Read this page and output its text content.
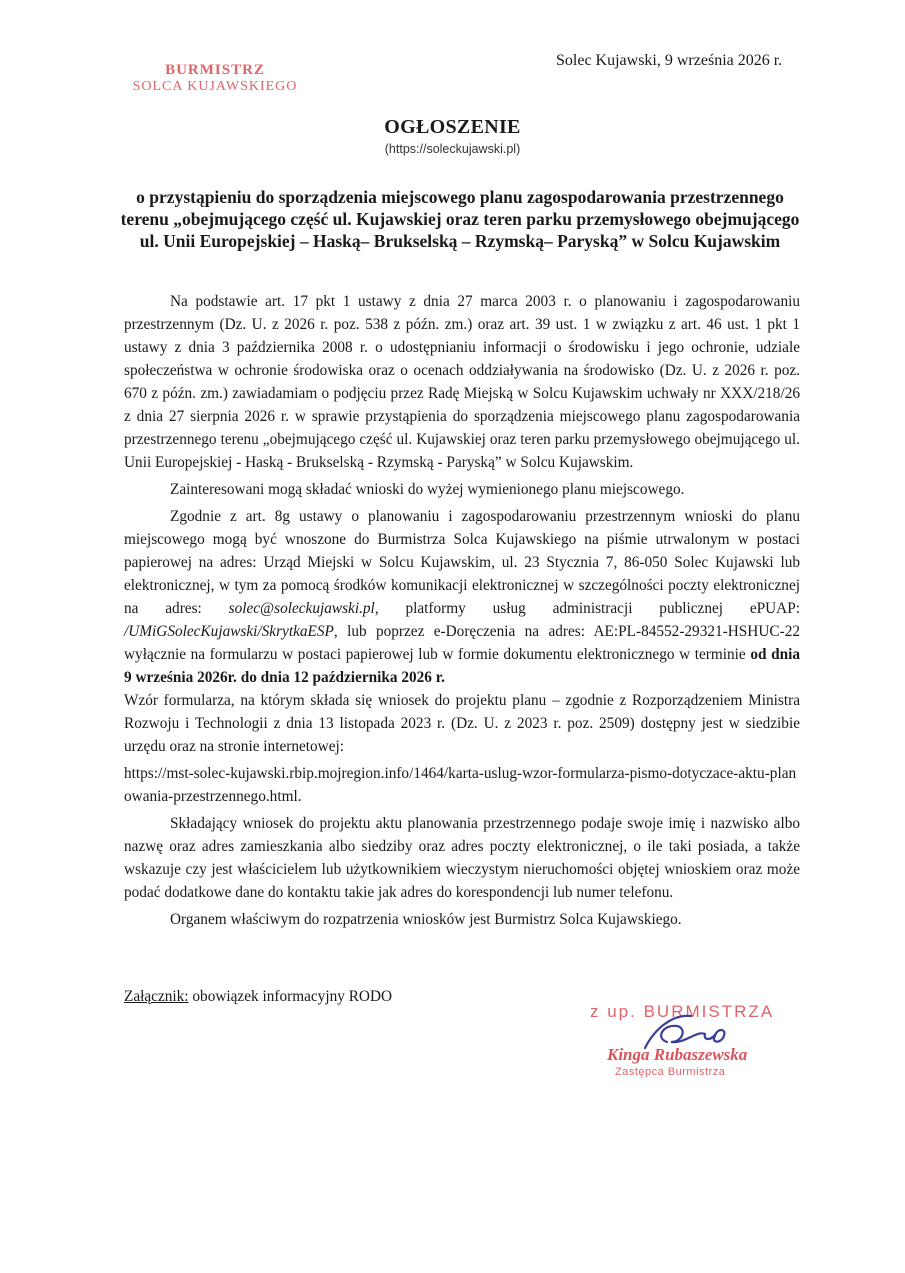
BURMISTRZ
SOLCA KUJAWSKIEGO
Solec Kujawski, 9 września 2026 r.
OGŁOSZENIE
(https://soleckujawski.pl)
o przystąpieniu do sporządzenia miejscowego planu zagospodarowania przestrzennego terenu „obejmującego część ul. Kujawskiej oraz teren parku przemysłowego obejmującego ul. Unii Europejskiej – Haską– Brukselską – Rzymską– Paryską” w Solcu Kujawskim

Na podstawie art. 17 pkt 1 ustawy z dnia 27 marca 2003 r. o planowaniu i zagospodarowaniu przestrzennym (Dz. U. z 2026 r. poz. 538 z późn. zm.) oraz art. 39 ust. 1 w związku z art. 46 ust. 1 pkt 1 ustawy z dnia 3 października 2008 r. o udostępnianiu informacji o środowisku i jego ochronie, udziale społeczeństwa w ochronie środowiska oraz o ocenach oddziaływania na środowisko (Dz. U. z 2026 r. poz. 670 z późn. zm.) zawiadamiam o podjęciu przez Radę Miejską w Solcu Kujawskim uchwały nr XXX/218/26 z dnia 27 sierpnia 2026 r. w sprawie przystąpienia do sporządzenia miejscowego planu zagospodarowania przestrzennego terenu „obejmującego część ul. Kujawskiej oraz teren parku przemysłowego obejmującego ul. Unii Europejskiej - Haską - Brukselską - Rzymską - Paryską” w Solcu Kujawskim.

Zainteresowani mogą składać wnioski do wyżej wymienionego planu miejscowego.

Zgodnie z art. 8g ustawy o planowaniu i zagospodarowaniu przestrzennym wnioski do planu miejscowego mogą być wnoszone do Burmistrza Solca Kujawskiego na piśmie utrwalonym w postaci papierowej na adres: Urząd Miejski w Solcu Kujawskim, ul. 23 Stycznia 7, 86-050 Solec Kujawski lub elektronicznej, w tym za pomocą środków komunikacji elektronicznej w szczególności poczty elektronicznej na adres: solec@soleckujawski.pl, platformy usług administracji publicznej ePUAP: /UMiGSolecKujawski/SkrytkaESP, lub poprzez e-Doręczenia na adres: AE:PL-84552-29321-HSHUC-22 wyłącznie na formularzu w postaci papierowej lub w formie dokumentu elektronicznego w terminie od dnia 9 września 2026r. do dnia 12 października 2026 r.

Wzór formularza, na którym składa się wniosek do projektu planu – zgodnie z Rozporządzeniem Ministra Rozwoju i Technologii z dnia 13 listopada 2023 r. (Dz. U. z 2023 r. poz. 2509) dostępny jest w siedzibie urzędu oraz na stronie internetowej:

https://mst-solec-kujawski.rbip.mojregion.info/1464/karta-uslug-wzor-formularza-pismo-dotyczace-aktu-planowania-przestrzennego.html.

Składający wniosek do projektu aktu planowania przestrzennego podaje swoje imię i nazwisko albo nazwę oraz adres zamieszkania albo siedziby oraz adres poczty elektronicznej, o ile taki posiada, a także wskazuje czy jest właścicielem lub użytkownikiem wieczystym nieruchomości objętej wnioskiem oraz może podać dodatkowe dane do kontaktu takie jak adres do korespondencji lub numer telefonu.

Organem właściwym do rozpatrzenia wniosków jest Burmistrz Solca Kujawskiego.

Załącznik: obowiązek informacyjny RODO
z up. BURMISTRZA
Kinga Rubaszewska
Zastępca Burmistrza
